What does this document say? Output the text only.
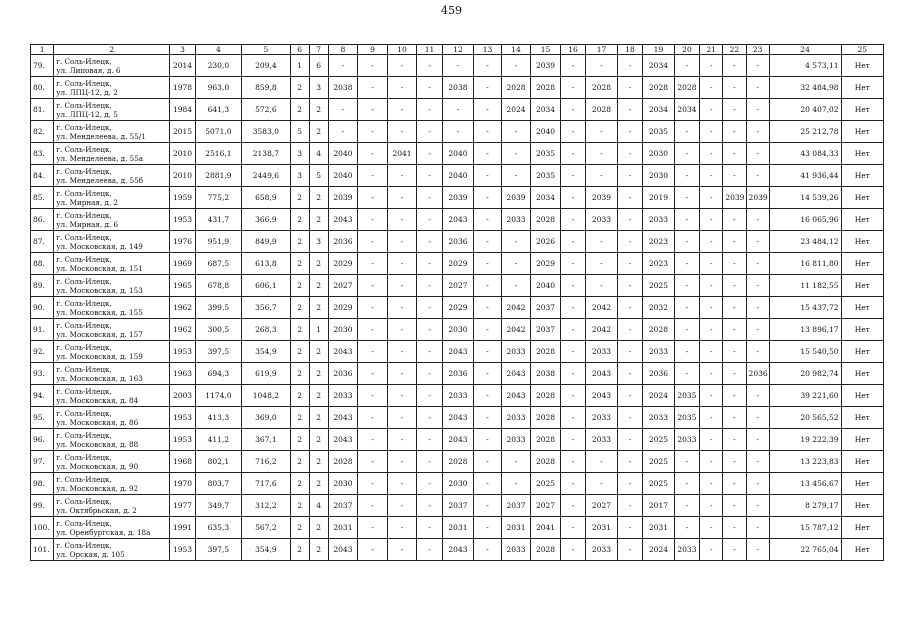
459
1	2	3	4	5	6	7	8	9	10	11	12	13	14	15	16	17	18	19	20	21	22	23	24	25
79.	г. Соль-Илецк,
ул. Липовая, д. 6	2014	230,0	209,4	1	6	-	-	-	-	-	-	-	2039	-	-	-	2034	-	-	-	-	4 573,11	Нет
80.	г. Соль-Илецк,
ул. ЛПЦ-12, д. 2	1978	963,0	859,8	2	3	2038	-	-	-	2038	-	2028	2028	-	2028	-	2028	2028	-	-	-	32 484,98	Нет
81.	г. Соль-Илецк,
ул. ЛПЦ-12, д. 5	1984	641,3	572,6	2	2	-	-	-	-	-	-	2024	2034	-	2028	-	2034	2034	-	-	-	20 407,02	Нет
82.	г. Соль-Илецк,
ул. Менделеева, д. 55/1	2015	5071,0	3583,0	5	2	-	-	-	-	-	-	-	2040	-	-	-	2035	-	-	-	-	25 212,78	Нет
83.	г. Соль-Илецк,
ул. Менделеева, д. 55а	2010	2516,1	2138,7	3	4	2040	-	2041	-	2040	-	-	2035	-	-	-	2030	-	-	-	-	43 084,33	Нет
84.	г. Соль-Илецк,
ул. Менделеева, д. 55б	2010	2881,9	2449,6	3	5	2040	-	-	-	2040	-	-	2035	-	-	-	2030	-	-	-	-	41 936,44	Нет
85.	г. Соль-Илецк,
ул. Мирная, д. 2	1959	775,2	658,9	2	2	2039	-	-	-	2039	-	2039	2034	-	2039	-	2019	-	-	2039	2039	14 539,26	Нет
86.	г. Соль-Илецк,
ул. Мирная, д. 6	1953	431,7	366,9	2	2	2043	-	-	-	2043	-	2033	2028	-	2033	-	2033	-	-	-	-	16 065,96	Нет
87.	г. Соль-Илецк,
ул. Московская, д. 149	1976	951,9	849,9	2	3	2036	-	-	-	2036	-	-	2026	-	-	-	2023	-	-	-	-	23 484,12	Нет
88.	г. Соль-Илецк,
ул. Московская, д. 151	1969	687,5	613,8	2	2	2029	-	-	-	2029	-	-	2029	-	-	-	2023	-	-	-	-	16 811,80	Нет
89.	г. Соль-Илецк,
ул. Московская, д. 153	1965	678,8	606,1	2	2	2027	-	-	-	2027	-	-	2040	-	-	-	2025	-	-	-	-	11 182,55	Нет
90.	г. Соль-Илецк,
ул. Московская, д. 155	1962	399,5	356,7	2	2	2029	-	-	-	2029	-	2042	2037	-	2042	-	2032	-	-	-	-	15 437,72	Нет
91.	г. Соль-Илецк,
ул. Московская, д. 157	1962	300,5	268,3	2	1	2030	-	-	-	2030	-	2042	2037	-	2042	-	2028	-	-	-	-	13 896,17	Нет
92.	г. Соль-Илецк,
ул. Московская, д. 159	1953	397,5	354,9	2	2	2043	-	-	-	2043	-	2033	2028	-	2033	-	2033	-	-	-	-	15 540,50	Нет
93.	г. Соль-Илецк,
ул. Московская, д. 163	1963	694,3	619,9	2	2	2036	-	-	-	2036	-	2043	2038	-	2043	-	2036	-	-	-	2036	20 982,74	Нет
94.	г. Соль-Илецк,
ул. Московская, д. 84	2003	1174,0	1048,2	2	2	2033	-	-	-	2033	-	2043	2028	-	2043	-	2024	2035	-	-	-	39 221,60	Нет
95.	г. Соль-Илецк,
ул. Московская, д. 86	1953	413,3	369,0	2	2	2043	-	-	-	2043	-	2033	2028	-	2033	-	2033	2035	-	-	-	20 565,52	Нет
96.	г. Соль-Илецк,
ул. Московская, д. 88	1953	411,2	367,1	2	2	2043	-	-	-	2043	-	2033	2028	-	2033	-	2025	2033	-	-	-	19 222,39	Нет
97.	г. Соль-Илецк,
ул. Московская, д. 90	1968	802,1	716,2	2	2	2028	-	-	-	2028	-	-	2028	-	-	-	2025	-	-	-	-	13 223,83	Нет
98.	г. Соль-Илецк,
ул. Московская, д. 92	1970	803,7	717,6	2	2	2030	-	-	-	2030	-	-	2025	-	-	-	2025	-	-	-	-	13 456,67	Нет
99.	г. Соль-Илецк,
ул. Октябрьская, д. 2	1977	349,7	312,2	2	4	2037	-	-	-	2037	-	2037	2027	-	2027	-	2017	-	-	-	-	8 279,17	Нет
100.	г. Соль-Илецк,
ул. Оренбургская, д. 18а	1991	635,3	567,2	2	2	2031	-	-	-	2031	-	2031	2041	-	2031	-	2031	-	-	-	-	15 787,12	Нет
101.	г. Соль-Илецк,
ул. Орская, д. 105	1953	397,5	354,9	2	2	2043	-	-	-	2043	-	2033	2028	-	2033	-	2024	2033	-	-	-	22 765,04	Нет
